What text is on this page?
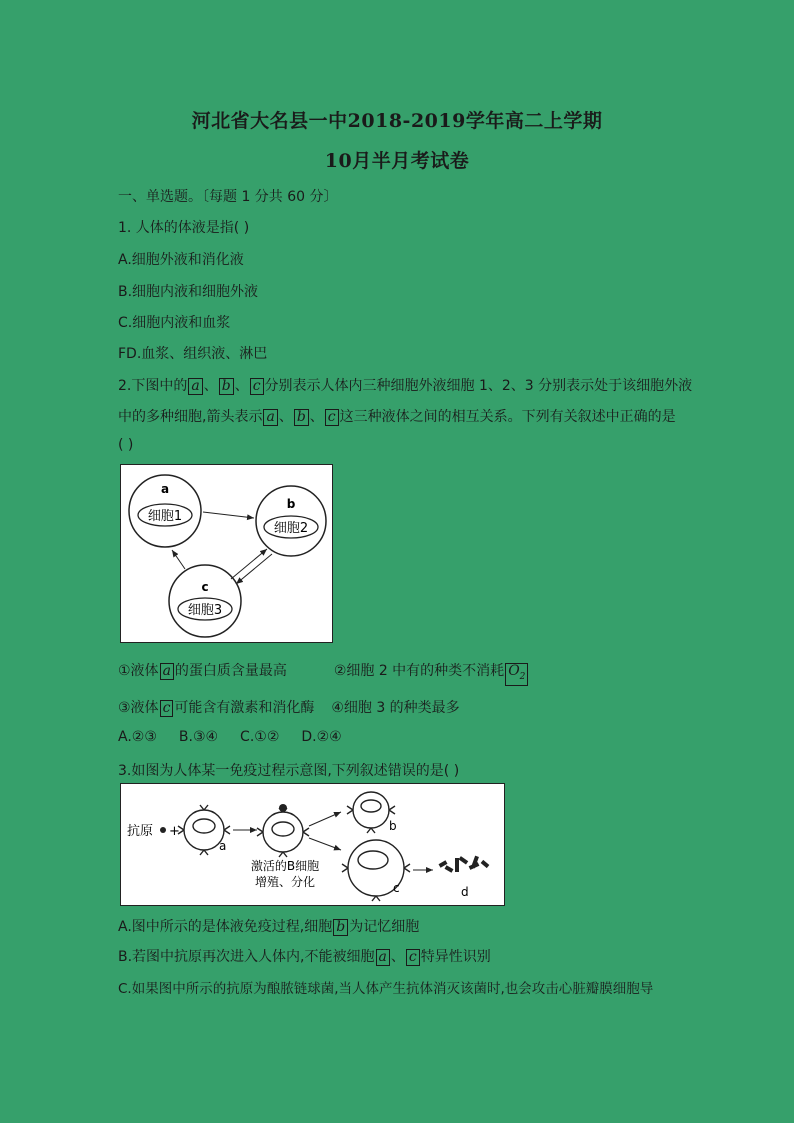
河北省大名县一中2018-2019学年高二上学期
10月半月考试卷
一、单选题。〔每题 1 分共 60 分〕
1. 人体的体液是指( )
A.细胞外液和消化液
B.细胞内液和细胞外液
C.细胞内液和血浆
FD.血浆、组织液、淋巴
2.下图中的 a 、 b 、 c 分别表示人体内三种细胞外液细胞 1、2、3 分别表示处于该细胞外液
中的多种细胞,箭头表示 a 、 b 、 c 这三种液体之间的相互关系。下列有关叙述中正确的是
( )
a
细胞1
b
细胞2
c
细胞3
①液体 a 的蛋白质含量最高	②细胞 2 中有的种类不消耗 $O_2$
③液体 c 可能含有激素和消化酶 ④细胞 3 的种类最多
A.②③ B.③④ C.①② D.②④
3.如图为人体某一免疫过程示意图,下列叙述错误的是( )
抗原 +
a
激活的B细胞
增殖、分化
b
c	d
A.图中所示的是体液免疫过程,细胞 b 为记忆细胞
B.若图中抗原再次进入人体内,不能被细胞 a 、 c 特异性识别
C.如果图中所示的抗原为酿脓链球菌,当人体产生抗体消灭该菌时,也会攻击心脏瓣膜细胞导
